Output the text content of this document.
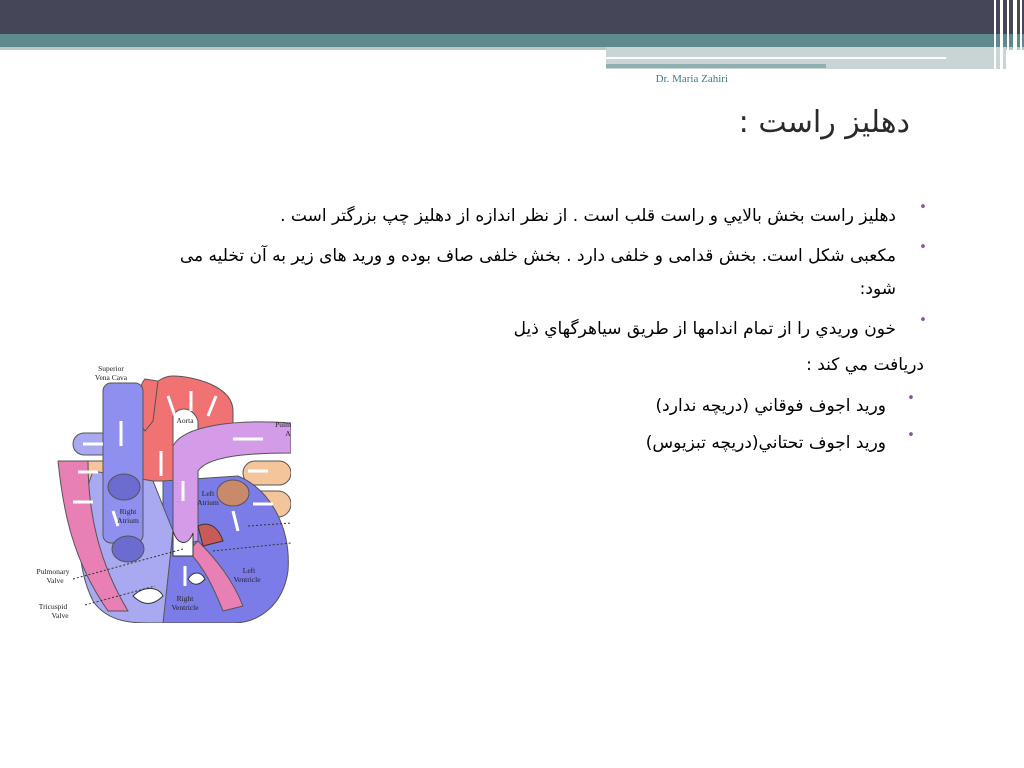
Dr. Maria Zahiri
دهليز راست :
•
دهليز راست بخش بالايي و راست قلب است . از نظر اندازه از دهليز چپ بزرگتر است .
•
مکعبی شکل است. بخش قدامی و خلفی دارد . بخش خلفی صاف بوده و ورید های زیر به آن تخلیه می
شود:
•
خون وريدي را از تمام اندامها از طريق سياهرگهاي ذيل
دريافت مي كند :
•
وريد اجوف فوقاني (دريچه ندارد)
•
وريد اجوف تحتاني(دريچه تبزيوس)
Superior
Vena Cava
Aorta	Pulm
A
Left
Atrium
Right
Atrium
Pulmonary
Valve
Tricuspid
Valve
Left
Ventricle
Right
Ventricle
